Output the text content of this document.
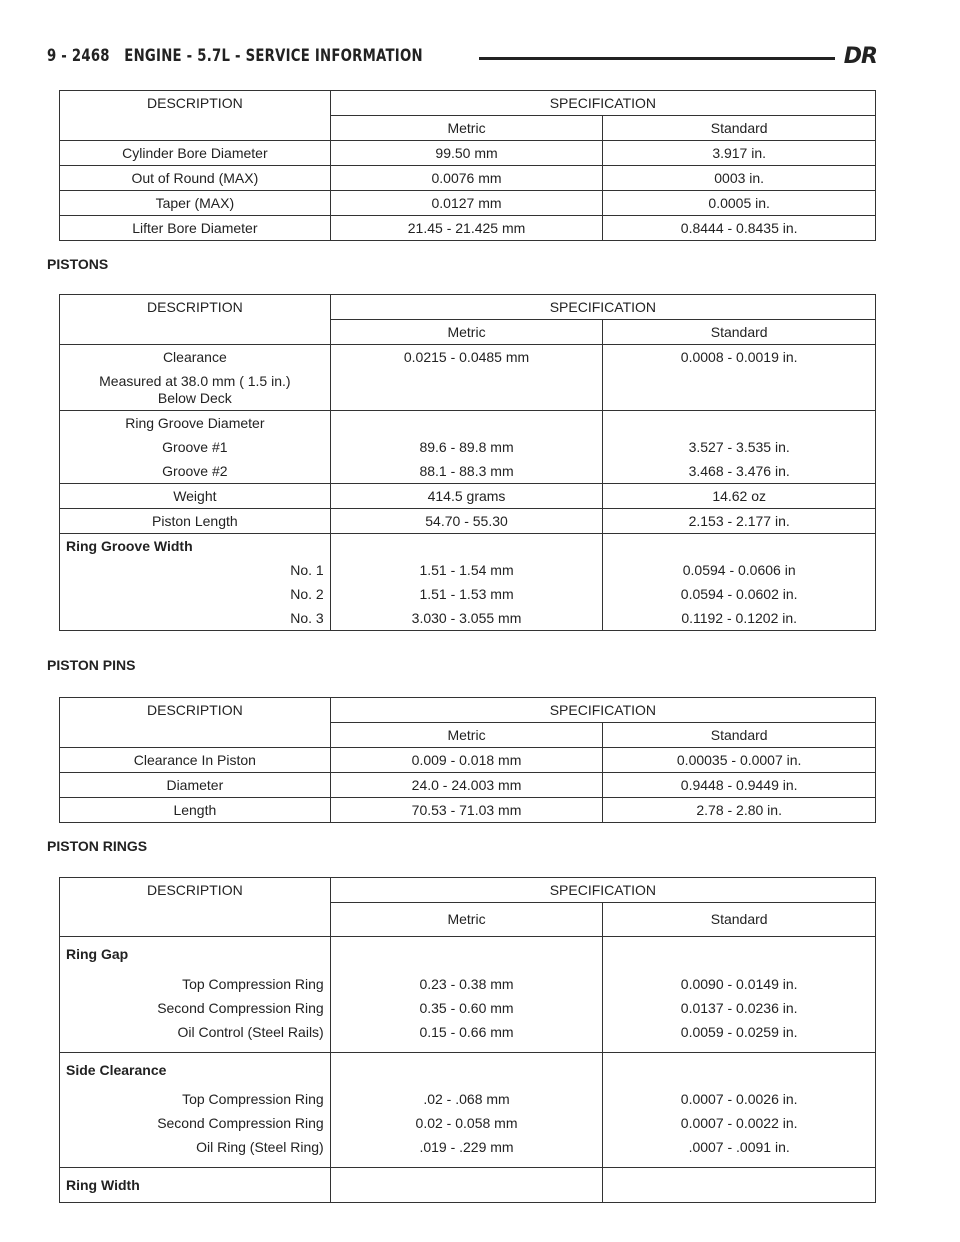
9 - 2468 ENGINE - 5.7L - SERVICE INFORMATION	DR
DESCRIPTION	SPECIFICATION	
	Metric	Standard
Cylinder Bore Diameter	99.50 mm	3.917 in.
Out of Round (MAX)	0.0076 mm	0003 in.
Taper (MAX)	0.0127 mm	0.0005 in.
Lifter Bore Diameter	21.45 - 21.425 mm	0.8444 - 0.8435 in.
PISTONS
DESCRIPTION	SPECIFICATION	
	Metric	Standard
Clearance	0.0215 - 0.0485 mm	0.0008 - 0.0019 in.
Measured at 38.0 mm ( 1.5 in.)
Below Deck		
Ring Groove Diameter		
Groove #1	89.6 - 89.8 mm	3.527 - 3.535 in.
Groove #2	88.1 - 88.3 mm	3.468 - 3.476 in.
Weight	414.5 grams	14.62 oz
Piston Length	54.70 - 55.30	2.153 - 2.177 in.
Ring Groove Width		
No. 1	1.51 - 1.54 mm	0.0594 - 0.0606 in
No. 2	1.51 - 1.53 mm	0.0594 - 0.0602 in.
No. 3	3.030 - 3.055 mm	0.1192 - 0.1202 in.
PISTON PINS
DESCRIPTION	SPECIFICATION	
	Metric	Standard
Clearance In Piston	0.009 - 0.018 mm	0.00035 - 0.0007 in.
Diameter	24.0 - 24.003 mm	0.9448 - 0.9449 in.
Length	70.53 - 71.03 mm	2.78 - 2.80 in.
PISTON RINGS
DESCRIPTION	SPECIFICATION	
	Metric	Standard
Ring Gap		
Top Compression Ring	0.23 - 0.38 mm	0.0090 - 0.0149 in.
Second Compression Ring	0.35 - 0.60 mm	0.0137 - 0.0236 in.
Oil Control (Steel Rails)	0.15 - 0.66 mm	0.0059 - 0.0259 in.
Side Clearance		
Top Compression Ring	.02 - .068 mm	0.0007 - 0.0026 in.
Second Compression Ring	0.02 - 0.058 mm	0.0007 - 0.0022 in.
Oil Ring (Steel Ring)	.019 - .229 mm	.0007 - .0091 in.
Ring Width		
